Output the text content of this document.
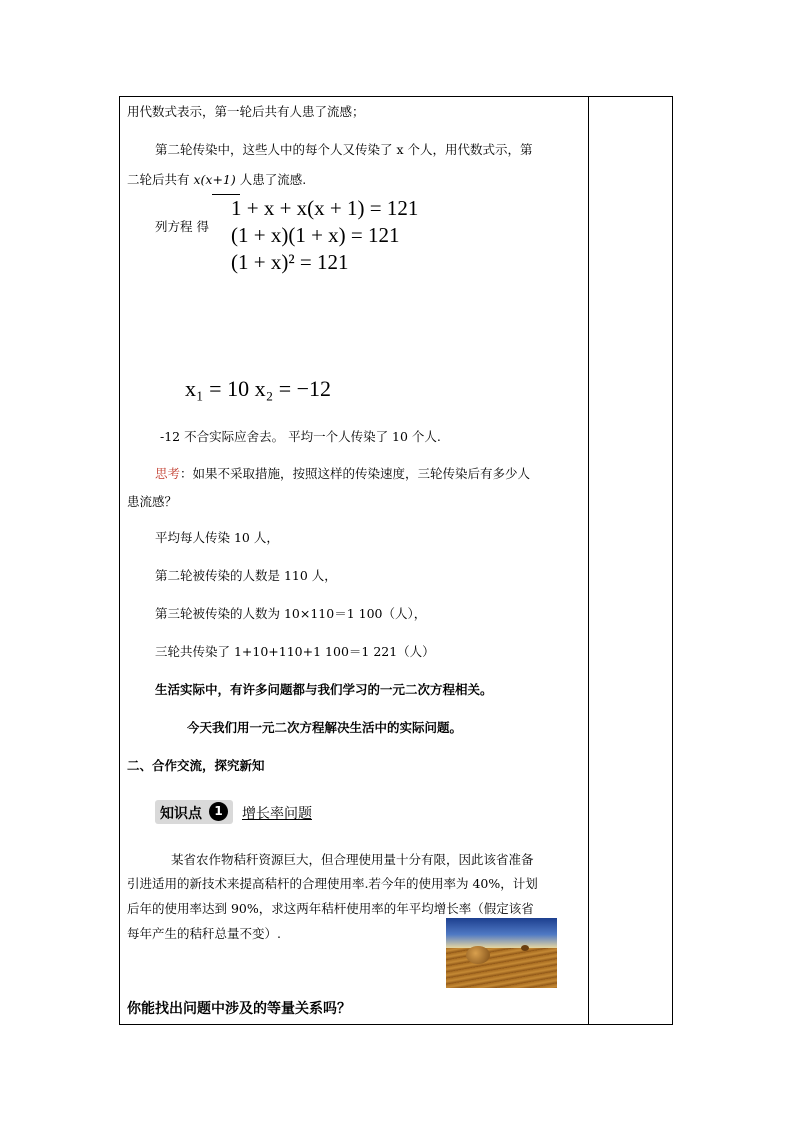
用代数式表示，第一轮后共有人患了流感；
第二轮传染中，这些人中的每个人又传染了 x 个人，用代数式示，第
二轮后共有 x(x+1) 人患了流感.
列方程 得
1 + x + x(x + 1) = 121
(1 + x)(1 + x) = 121
(1 + x)² = 121
x₁ = 10 x₂ = −12
-12 不合实际应舍去。 平均一个人传染了 10 个人.
思考：如果不采取措施，按照这样的传染速度，三轮传染后有多少人
患流感？
平均每人传染 10 人，
第二轮被传染的人数是 110 人，
第三轮被传染的人数为 10×110＝1 100（人），
三轮共传染了 1+10+110+1 100＝1 221（人）
生活实际中，有许多问题都与我们学习的一元二次方程相关。
今天我们用一元二次方程解决生活中的实际问题。
二、合作交流，探究新知
知识点	1	增长率问题
某省农作物秸秆资源巨大，但合理使用量十分有限，因此该省准备
引进适用的新技术来提高秸杆的合理使用率.若今年的使用率为 40%，计划
后年的使用率达到 90%，求这两年秸杆使用率的年平均增长率（假定该省
每年产生的秸秆总量不变）.
你能找出问题中涉及的等量关系吗？
